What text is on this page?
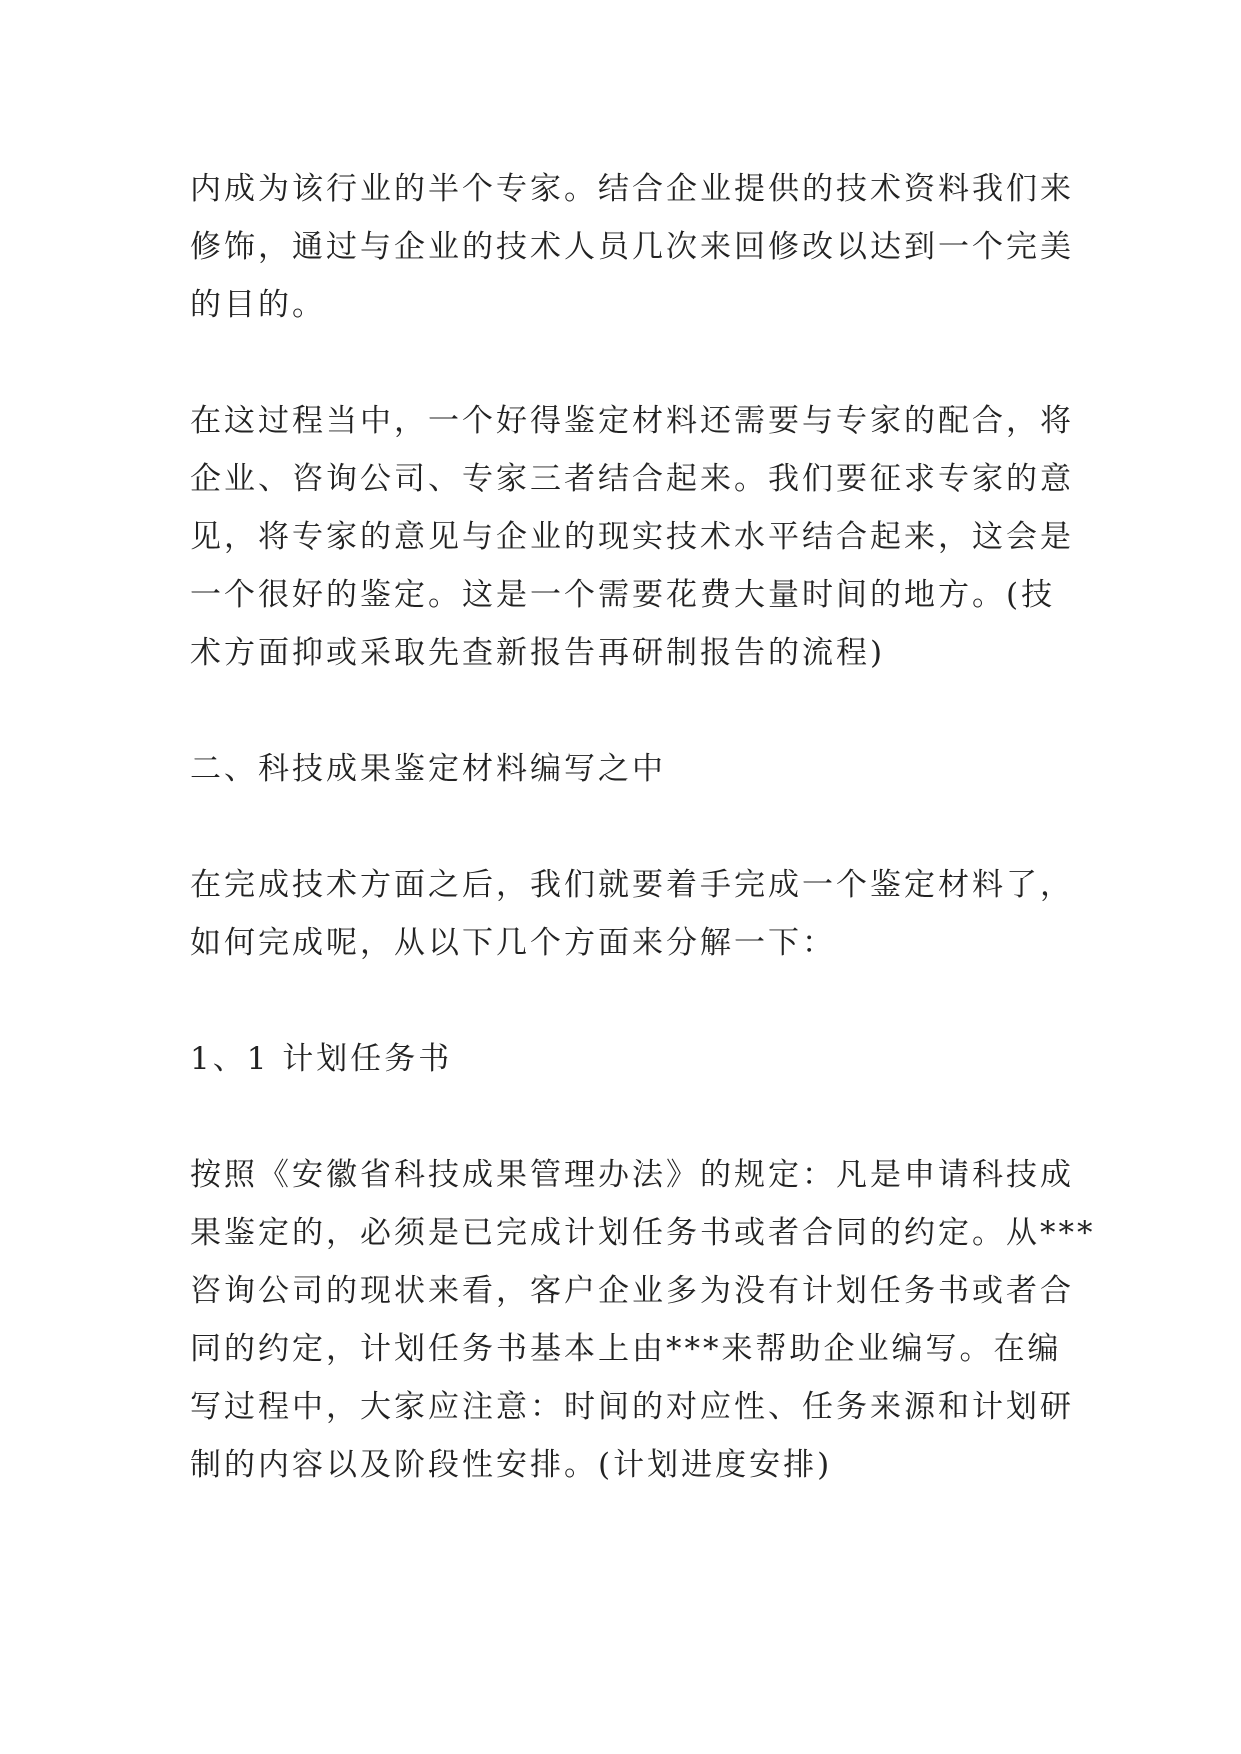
内成为该行业的半个专家。结合企业提供的技术资料我们来
修饰，通过与企业的技术人员几次来回修改以达到一个完美
的目的。

在这过程当中，一个好得鉴定材料还需要与专家的配合，将
企业、咨询公司、专家三者结合起来。我们要征求专家的意
见，将专家的意见与企业的现实技术水平结合起来，这会是
一个很好的鉴定。这是一个需要花费大量时间的地方。(技
术方面抑或采取先查新报告再研制报告的流程)

二、科技成果鉴定材料编写之中

在完成技术方面之后，我们就要着手完成一个鉴定材料了，
如何完成呢，从以下几个方面来分解一下：

1、1 计划任务书

按照《安徽省科技成果管理办法》的规定：凡是申请科技成
果鉴定的，必须是已完成计划任务书或者合同的约定。从***
咨询公司的现状来看，客户企业多为没有计划任务书或者合
同的约定，计划任务书基本上由***来帮助企业编写。在编
写过程中，大家应注意：时间的对应性、任务来源和计划研
制的内容以及阶段性安排。(计划进度安排)
